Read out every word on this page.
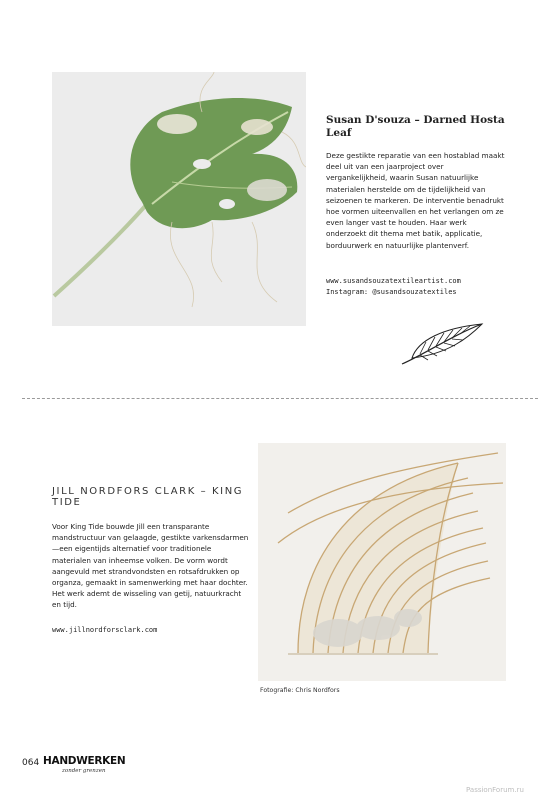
Susan D'souza – Darned Hosta Leaf
Deze gestikte reparatie van een hostablad maakt deel uit van een jaarproject over vergankelijkheid, waarin Susan natuurlijke materialen herstelde om de tijdelijkheid van seizoenen te markeren. De interventie benadrukt hoe vormen uiteenvallen en het verlangen om ze even langer vast te houden. Haar werk onderzoekt dit thema met batik, applicatie, borduurwerk en natuurlijke plantenverf.
www.susandsouzatextileartist.com
Instagram: @susandsouzatextiles
JILL NORDFORS CLARK – KING TIDE
Voor King Tide bouwde Jill een transparante mandstructuur van gelaagde, gestikte varkensdarmen—een eigentijds alternatief voor traditionele materialen van inheemse volken. De vorm wordt aangevuld met strandvondsten en rotsafdrukken op organza, gemaakt in samenwerking met haar dochter. Het werk ademt de wisseling van getij, natuurkracht en tijd.
www.jillnordforsclark.com
Fotografie: Chris Nordfors
064 HANDWERKEN
zonder grenzen
PassionForum.ru
